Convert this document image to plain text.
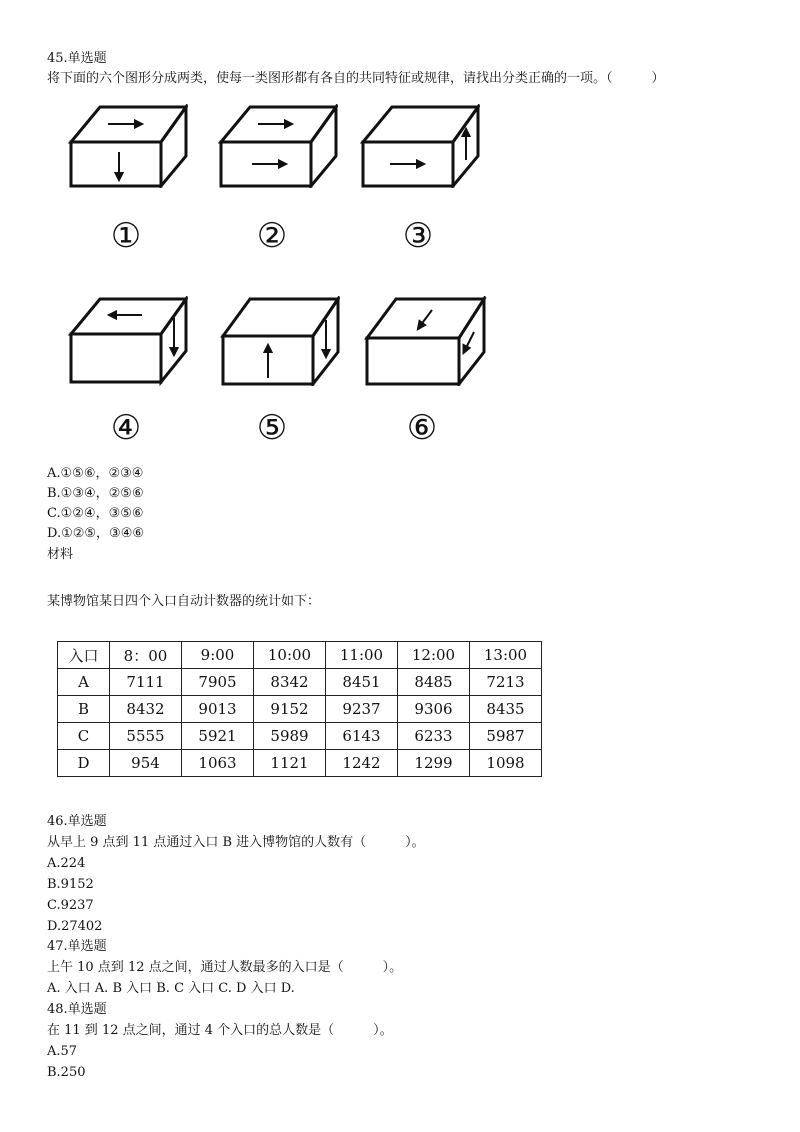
45.单选题
将下面的六个图形分成两类，使每一类图形都有各自的共同特征或规律，请找出分类正确的一项。（　　　）
①	②	③
④	⑤	⑥
A.①⑤⑥，②③④
B.①③④，②⑤⑥
C.①②④，③⑤⑥
D.①②⑤，③④⑥
材料
某博物馆某日四个入口自动计数器的统计如下：
入口	8：00	9:00	10:00	11:00	12:00	13:00
A	7111	7905	8342	8451	8485	7213
B	8432	9013	9152	9237	9306	8435
C	5555	5921	5989	6143	6233	5987
D	954	1063	1121	1242	1299	1098
46.单选题
从早上 9 点到 11 点通过入口 B 进入博物馆的人数有（　　　）。
A.224
B.9152
C.9237
D.27402
47.单选题
上午 10 点到 12 点之间，通过人数最多的入口是（　　　）。
A. 入口 A. B 入口 B. C 入口 C. D 入口 D.
48.单选题
在 11 到 12 点之间，通过 4 个入口的总人数是（　　　）。
A.57
B.250
